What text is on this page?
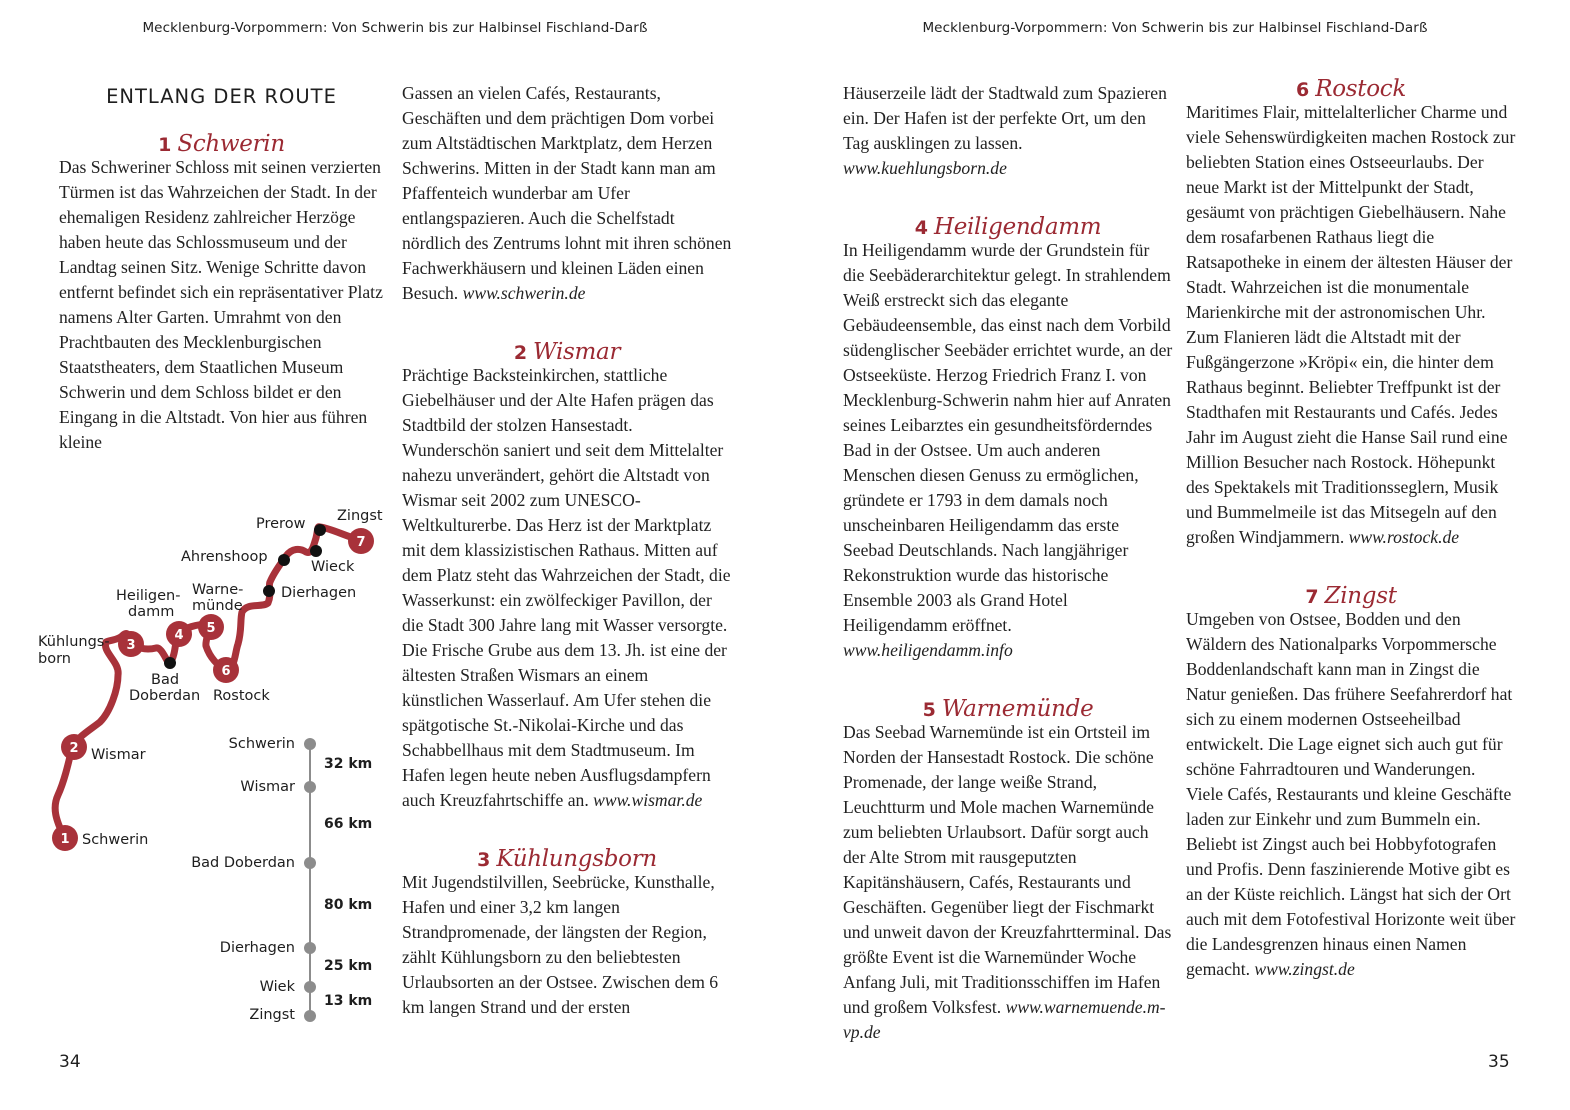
Mecklenburg-Vorpommern: Von Schwerin bis zur Halbinsel Fischland-Darß
ENTLANG DER ROUTE
1 Schwerin

Das Schweriner Schloss mit seinen verzierten Türmen ist das Wahrzeichen der Stadt. In der ehemaligen Residenz zahlreicher Herzöge haben heute das Schlossmuseum und der Landtag seinen Sitz. Wenige Schritte davon entfernt befindet sich ein repräsentativer Platz namens Alter Garten. Umrahmt von den Prachtbauten des Mecklenburgischen Staatstheaters, dem Staatlichen Museum Schwerin und dem Schloss bildet er den Eingang in die Altstadt. Von hier aus führen kleine

1
2
3
4 5
6
7
Schwerin
Wismar
Kühlungs-
born
Heiligen-
damm
Warne-
münde
Bad
Doberdan Rostock
Dierhagen
Ahrenshoop
Wieck
Prerow Zingst
Schwerin
Wismar
Bad Doberdan
Dierhagen
Wiek
Zingst
32 km
66 km
80 km
25 km
13 km

Gassen an vielen Cafés, Restaurants, Geschäften und dem prächtigen Dom vorbei zum Altstädtischen Marktplatz, dem Herzen Schwerins. Mitten in der Stadt kann man am Pfaffenteich wunderbar am Ufer entlangspazieren. Auch die Schelfstadt nördlich des Zentrums lohnt mit ihren schönen Fachwerkhäusern und kleinen Läden einen Besuch. www.schwerin.de

2 Wismar

Prächtige Backsteinkirchen, stattliche Giebelhäuser und der Alte Hafen prägen das Stadtbild der stolzen Hansestadt. Wunderschön saniert und seit dem Mittelalter nahezu unverändert, gehört die Altstadt von Wismar seit 2002 zum UNESCO-Weltkulturerbe. Das Herz ist der Marktplatz mit dem klassizistischen Rathaus. Mitten auf dem Platz steht das Wahrzeichen der Stadt, die Wasserkunst: ein zwölfeckiger Pavillon, der die Stadt 300 Jahre lang mit Wasser versorgte. Die Frische Grube aus dem 13. Jh. ist eine der ältesten Straßen Wismars an einem künstlichen Wasserlauf. Am Ufer stehen die spätgotische St.-Nikolai-Kirche und das Schabbellhaus mit dem Stadtmuseum. Im Hafen legen heute neben Ausflugsdampfern auch Kreuzfahrtschiffe an. www.wismar.de

3 Kühlungsborn

Mit Jugendstilvillen, Seebrücke, Kunsthalle, Hafen und einer 3,2 km langen Strandpromenade, der längsten der Region, zählt Kühlungsborn zu den beliebtesten Urlaubsorten an der Ostsee. Zwischen dem 6 km langen Strand und der ersten

34
Mecklenburg-Vorpommern: Von Schwerin bis zur Halbinsel Fischland-Darß

Häuserzeile lädt der Stadtwald zum Spazieren ein. Der Hafen ist der perfekte Ort, um den Tag ausklingen zu lassen. www.kuehlungsborn.de

4 Heiligendamm

In Heiligendamm wurde der Grundstein für die Seebäderarchitektur gelegt. In strahlendem Weiß erstreckt sich das elegante Gebäudeensemble, das einst nach dem Vorbild südenglischer Seebäder errichtet wurde, an der Ostseeküste. Herzog Friedrich Franz I. von Mecklenburg-Schwerin nahm hier auf Anraten seines Leibarztes ein gesundheitsförderndes Bad in der Ostsee. Um auch anderen Menschen diesen Genuss zu ermöglichen, gründete er 1793 in dem damals noch unscheinbaren Heiligendamm das erste Seebad Deutschlands. Nach langjähriger Rekonstruktion wurde das historische Ensemble 2003 als Grand Hotel Heiligendamm eröffnet. www.heiligendamm.info

5 Warnemünde

Das Seebad Warnemünde ist ein Ortsteil im Norden der Hansestadt Rostock. Die schöne Promenade, der lange weiße Strand, Leuchtturm und Mole machen Warnemünde zum beliebten Urlaubsort. Dafür sorgt auch der Alte Strom mit rausgeputzten Kapitänshäusern, Cafés, Restaurants und Geschäften. Gegenüber liegt der Fischmarkt und unweit davon der Kreuzfahrtterminal. Das größte Event ist die Warnemünder Woche Anfang Juli, mit Traditionsschiffen im Hafen und großem Volksfest. www.warnemuende.m-vp.de

6 Rostock

Maritimes Flair, mittelalterlicher Charme und viele Sehenswürdigkeiten machen Rostock zur beliebten Station eines Ostseeurlaubs. Der neue Markt ist der Mittelpunkt der Stadt, gesäumt von prächtigen Giebelhäusern. Nahe dem rosafarbenen Rathaus liegt die Ratsapotheke in einem der ältesten Häuser der Stadt. Wahrzeichen ist die monumentale Marienkirche mit der astronomischen Uhr. Zum Flanieren lädt die Altstadt mit der Fußgängerzone »Kröpi« ein, die hinter dem Rathaus beginnt. Beliebter Treffpunkt ist der Stadthafen mit Restaurants und Cafés. Jedes Jahr im August zieht die Hanse Sail rund eine Million Besucher nach Rostock. Höhepunkt des Spektakels mit Traditionsseglern, Musik und Bummelmeile ist das Mitsegeln auf den großen Windjammern. www.rostock.de

7 Zingst

Umgeben von Ostsee, Bodden und den Wäldern des Nationalparks Vorpommersche Boddenlandschaft kann man in Zingst die Natur genießen. Das frühere Seefahrerdorf hat sich zu einem modernen Ostseeheilbad entwickelt. Die Lage eignet sich auch gut für schöne Fahrradtouren und Wanderungen. Viele Cafés, Restaurants und kleine Geschäfte laden zur Einkehr und zum Bummeln ein. Beliebt ist Zingst auch bei Hobbyfotografen und Profis. Denn faszinierende Motive gibt es an der Küste reichlich. Längst hat sich der Ort auch mit dem Fotofestival Horizonte weit über die Landesgrenzen hinaus einen Namen gemacht. www.zingst.de

35
